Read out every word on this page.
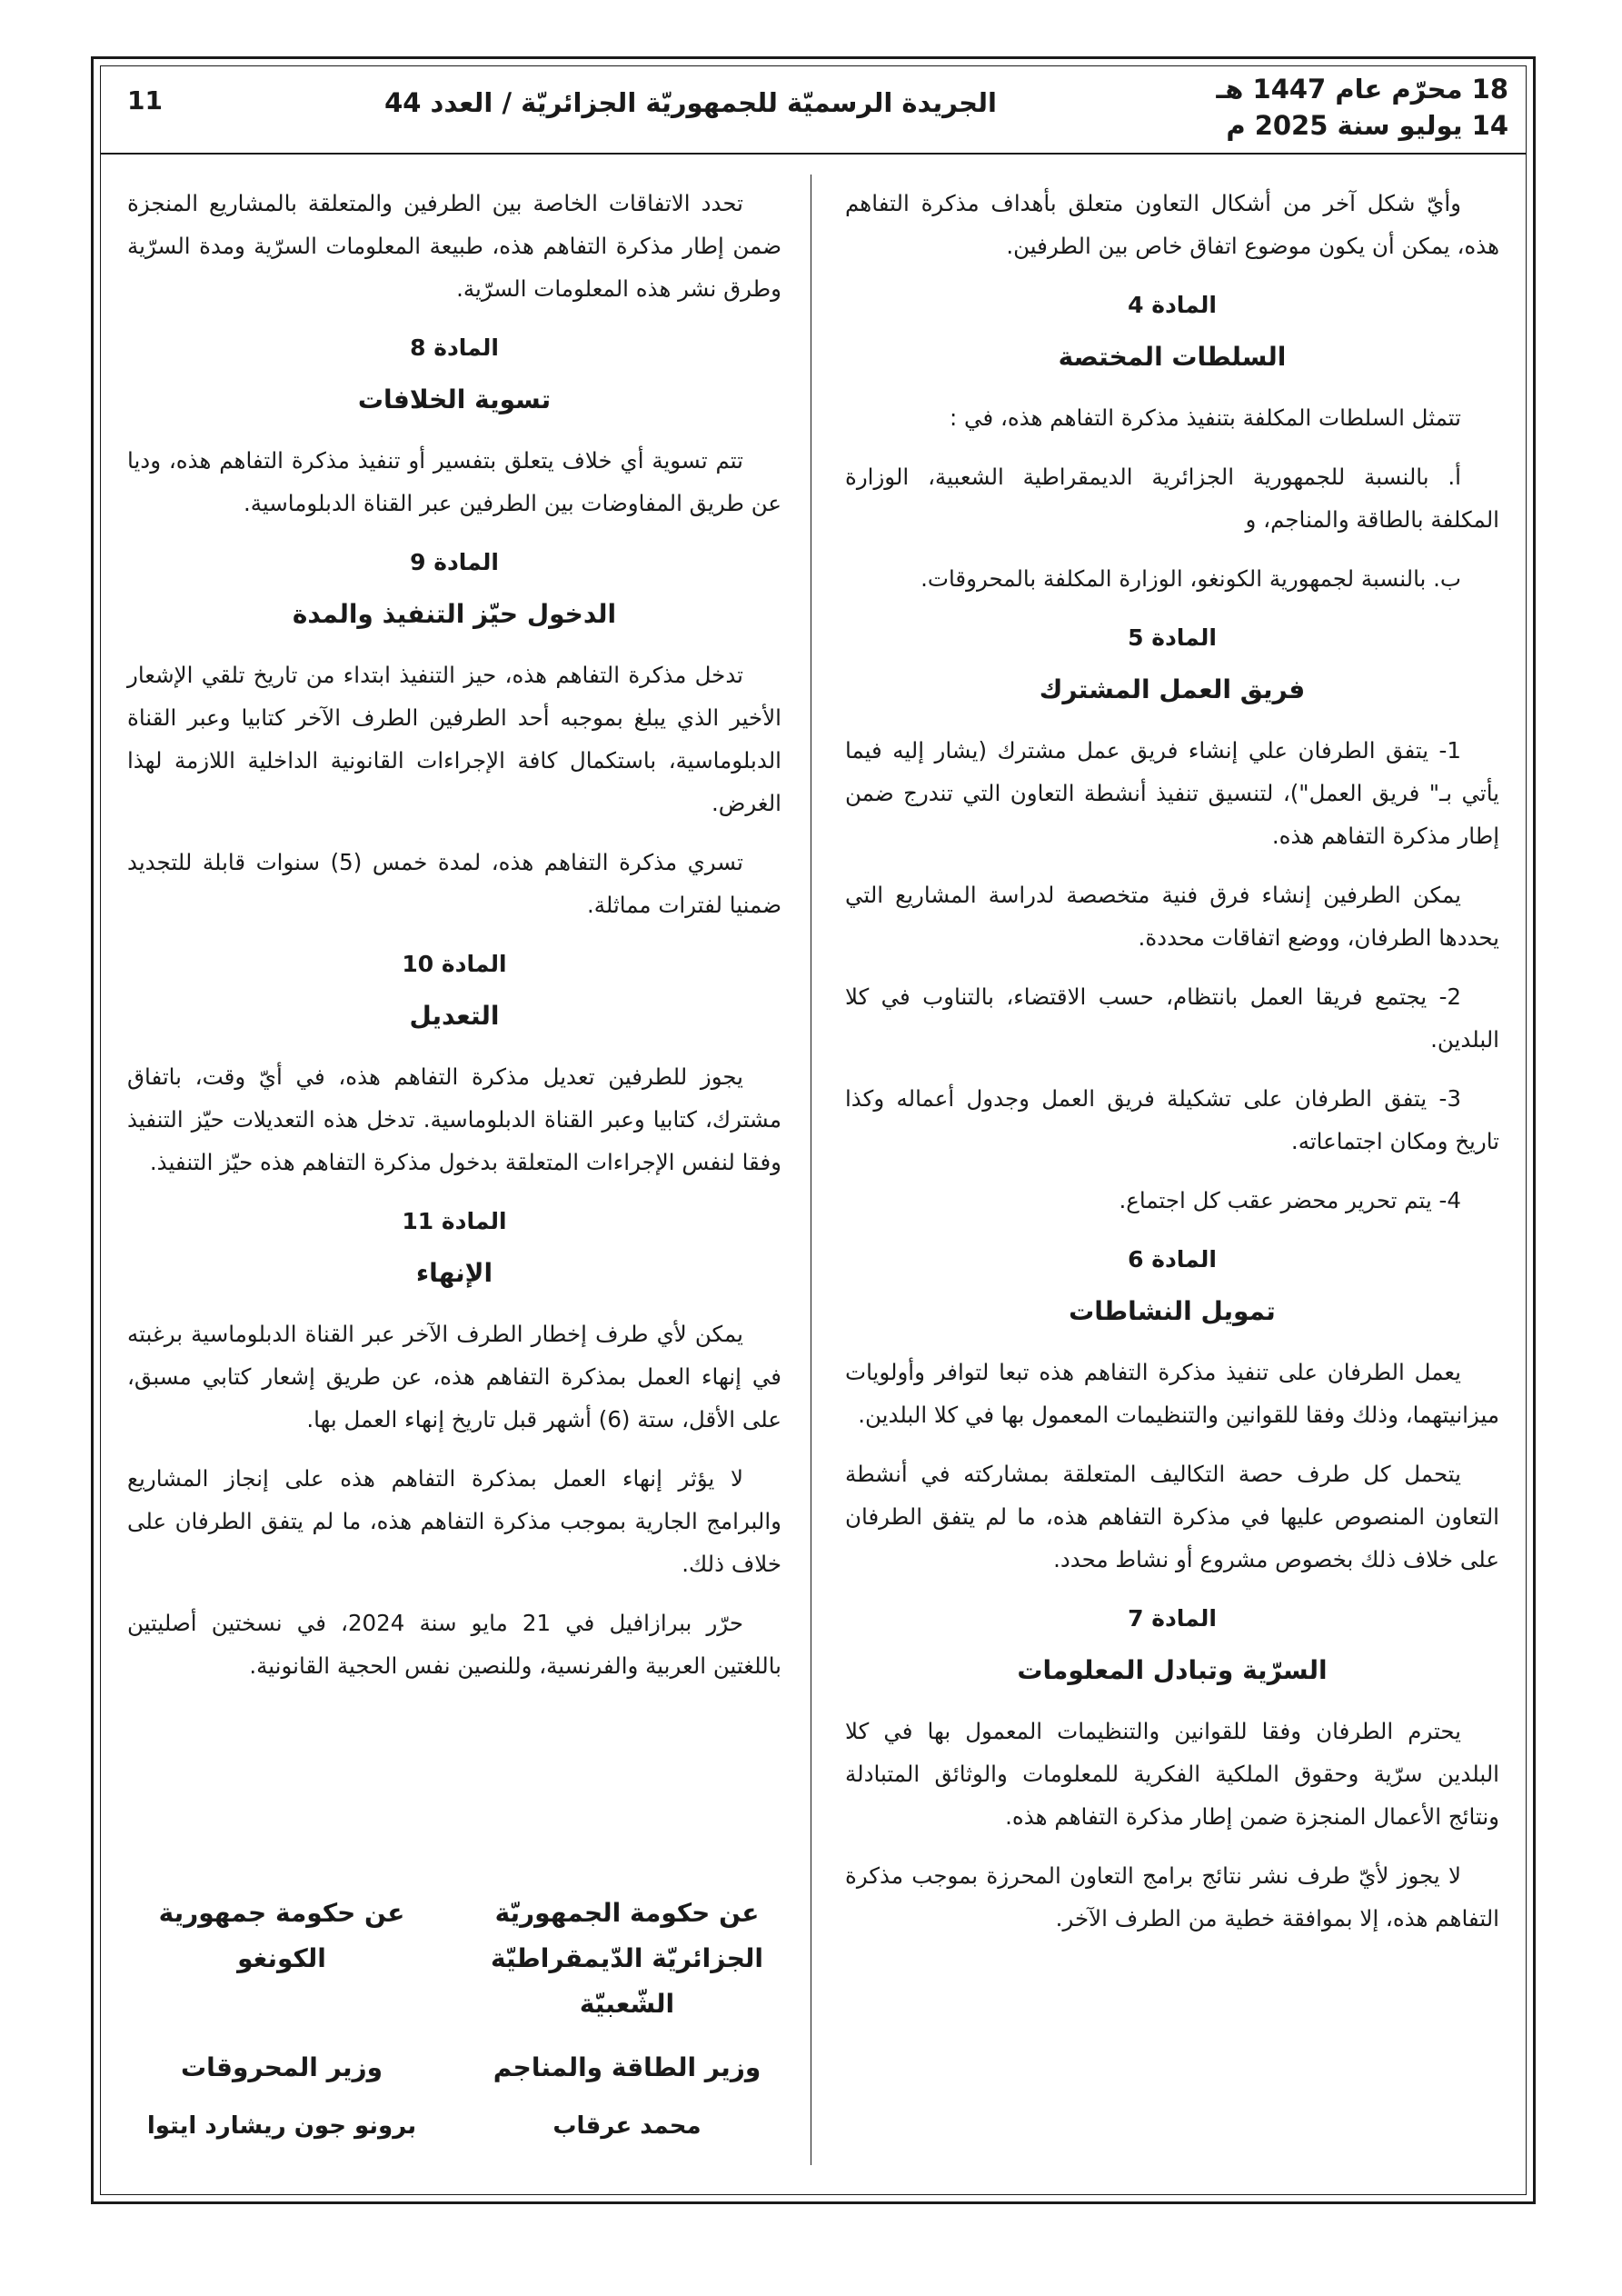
18 محرّم عام 1447 هـ
14 يوليو سنة 2025 م
الجريدة الرسميّة للجمهوريّة الجزائريّة / العدد 44
11

وأيّ شكل آخر من أشكال التعاون متعلق بأهداف مذكرة التفاهم هذه، يمكن أن يكون موضوع اتفاق خاص بين الطرفين.

المادة 4
السلطات المختصة

تتمثل السلطات المكلفة بتنفيذ مذكرة التفاهم هذه، في :

أ. بالنسبة للجمهورية الجزائرية الديمقراطية الشعبية، الوزارة المكلفة بالطاقة والمناجم، و

ب. بالنسبة لجمهورية الكونغو، الوزارة المكلفة بالمحروقات.

المادة 5
فريق العمل المشترك

1- يتفق الطرفان علي إنشاء فريق عمل مشترك (يشار إليه فيما يأتي بـ" فريق العمل")، لتنسيق تنفيذ أنشطة التعاون التي تندرج ضمن إطار مذكرة التفاهم هذه.

يمكن الطرفين إنشاء فرق فنية متخصصة لدراسة المشاريع التي يحددها الطرفان، ووضع اتفاقات محددة.

2- يجتمع فريقا العمل بانتظام، حسب الاقتضاء، بالتناوب في كلا البلدين.

3- يتفق الطرفان على تشكيلة فريق العمل وجدول أعماله وكذا تاريخ ومكان اجتماعاته.

4- يتم تحرير محضر عقب كل اجتماع.

المادة 6
تمويل النشاطات

يعمل الطرفان على تنفيذ مذكرة التفاهم هذه تبعا لتوافر وأولويات ميزانيتهما، وذلك وفقا للقوانين والتنظيمات المعمول بها في كلا البلدين.

يتحمل كل طرف حصة التكاليف المتعلقة بمشاركته في أنشطة التعاون المنصوص عليها في مذكرة التفاهم هذه، ما لم يتفق الطرفان على خلاف ذلك بخصوص مشروع أو نشاط محدد.

المادة 7
السرّية وتبادل المعلومات

يحترم الطرفان وفقا للقوانين والتنظيمات المعمول بها في كلا البلدين سرّية وحقوق الملكية الفكرية للمعلومات والوثائق المتبادلة ونتائج الأعمال المنجزة ضمن إطار مذكرة التفاهم هذه.

لا يجوز لأيّ طرف نشر نتائج برامج التعاون المحرزة بموجب مذكرة التفاهم هذه، إلا بموافقة خطية من الطرف الآخر.

تحدد الاتفاقات الخاصة بين الطرفين والمتعلقة بالمشاريع المنجزة ضمن إطار مذكرة التفاهم هذه، طبيعة المعلومات السرّية ومدة السرّية وطرق نشر هذه المعلومات السرّية.

المادة 8
تسوية الخلافات

تتم تسوية أي خلاف يتعلق بتفسير أو تنفيذ مذكرة التفاهم هذه، وديا عن طريق المفاوضات بين الطرفين عبر القناة الدبلوماسية.

المادة 9
الدخول حيّز التنفيذ والمدة

تدخل مذكرة التفاهم هذه، حيز التنفيذ ابتداء من تاريخ تلقي الإشعار الأخير الذي يبلغ بموجبه أحد الطرفين الطرف الآخر كتابيا وعبر القناة الدبلوماسية، باستكمال كافة الإجراءات القانونية الداخلية اللازمة لهذا الغرض.

تسري مذكرة التفاهم هذه، لمدة خمس (5) سنوات قابلة للتجديد ضمنيا لفترات مماثلة.

المادة 10
التعديل

يجوز للطرفين تعديل مذكرة التفاهم هذه، في أيّ وقت، باتفاق مشترك، كتابيا وعبر القناة الدبلوماسية. تدخل هذه التعديلات حيّز التنفيذ وفقا لنفس الإجراءات المتعلقة بدخول مذكرة التفاهم هذه حيّز التنفيذ.

المادة 11
الإنهاء

يمكن لأي طرف إخطار الطرف الآخر عبر القناة الدبلوماسية برغبته في إنهاء العمل بمذكرة التفاهم هذه، عن طريق إشعار كتابي مسبق، على الأقل، ستة (6) أشهر قبل تاريخ إنهاء العمل بها.

لا يؤثر إنهاء العمل بمذكرة التفاهم هذه على إنجاز المشاريع والبرامج الجارية بموجب مذكرة التفاهم هذه، ما لم يتفق الطرفان على خلاف ذلك.

حرّر ببرازافيل في 21 مايو سنة 2024، في نسختين أصليتين باللغتين العربية والفرنسية، وللنصين نفس الحجية القانونية.

عن حكومة الجمهوريّة الجزائريّة الدّيمقراطيّة الشّعبيّة

وزير الطاقة والمناجم

محمد عرقاب

عن حكومة جمهورية الكونغو

وزير المحروقات

برونو جون ريشارد ايتوا
